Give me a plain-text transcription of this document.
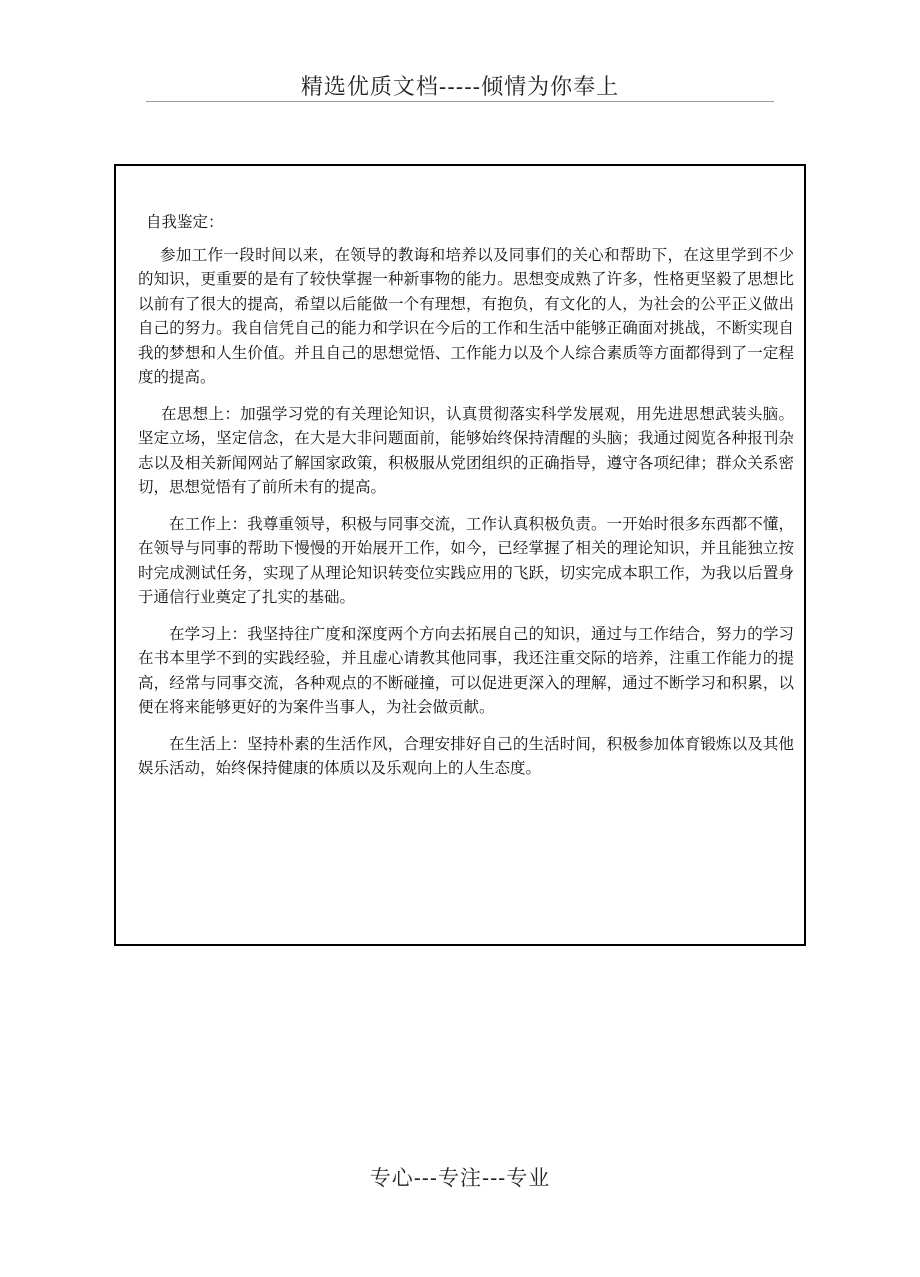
精选优质文档-----倾情为你奉上
自我鉴定：

参加工作一段时间以来，在领导的教诲和培养以及同事们的关心和帮助下，在这里学到不少的知识，更重要的是有了较快掌握一种新事物的能力。思想变成熟了许多，性格更坚毅了思想比以前有了很大的提高，希望以后能做一个有理想，有抱负，有文化的人，为社会的公平正义做出自己的努力。我自信凭自己的能力和学识在今后的工作和生活中能够正确面对挑战，不断实现自我的梦想和人生价值。并且自己的思想觉悟、工作能力以及个人综合素质等方面都得到了一定程度的提高。

在思想上：加强学习党的有关理论知识，认真贯彻落实科学发展观，用先进思想武装头脑。坚定立场，坚定信念，在大是大非问题面前，能够始终保持清醒的头脑；我通过阅览各种报刊杂志以及相关新闻网站了解国家政策，积极服从党团组织的正确指导，遵守各项纪律；群众关系密切，思想觉悟有了前所未有的提高。

在工作上：我尊重领导，积极与同事交流，工作认真积极负责。一开始时很多东西都不懂，在领导与同事的帮助下慢慢的开始展开工作，如今，已经掌握了相关的理论知识，并且能独立按时完成测试任务，实现了从理论知识转变位实践应用的飞跃，切实完成本职工作，为我以后置身于通信行业奠定了扎实的基础。

在学习上：我坚持往广度和深度两个方向去拓展自己的知识，通过与工作结合，努力的学习在书本里学不到的实践经验，并且虚心请教其他同事，我还注重交际的培养，注重工作能力的提高，经常与同事交流，各种观点的不断碰撞，可以促进更深入的理解，通过不断学习和积累，以便在将来能够更好的为案件当事人，为社会做贡献。

在生活上：坚持朴素的生活作风，合理安排好自己的生活时间，积极参加体育锻炼以及其他娱乐活动，始终保持健康的体质以及乐观向上的人生态度。

专心---专注---专业
